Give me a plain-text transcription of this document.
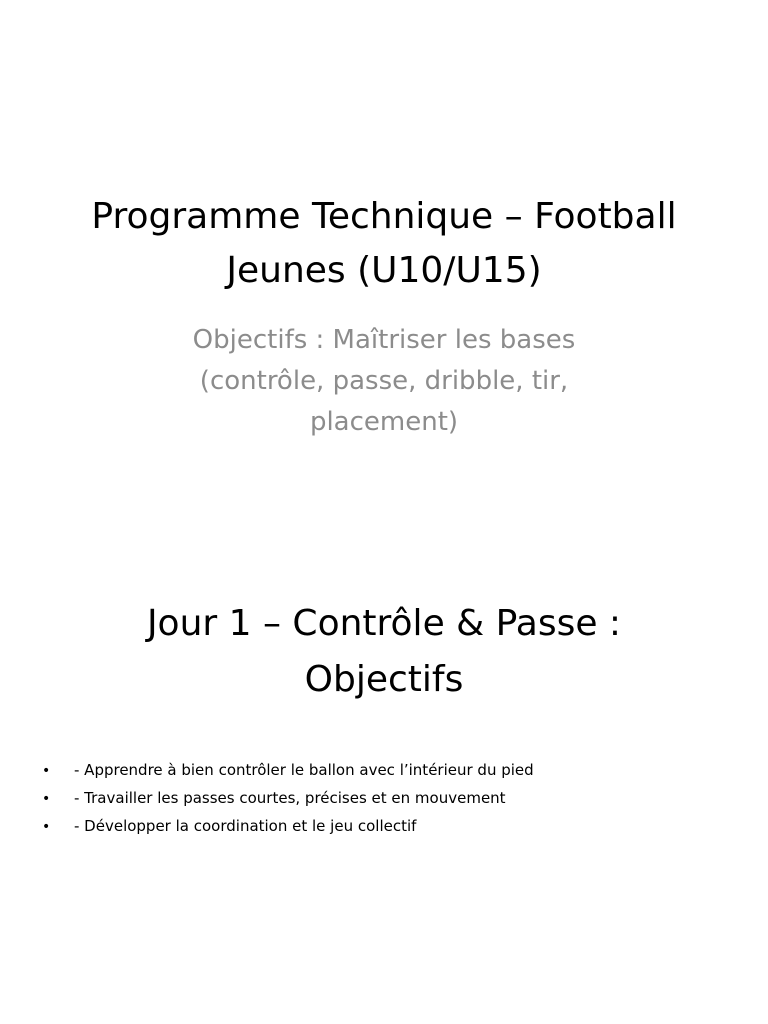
Programme Technique – Football
Jeunes (U10/U15)

Objectifs : Maîtriser les bases
(contrôle, passe, dribble, tir,
placement)

Jour 1 – Contrôle & Passe :
Objectifs
•	- Apprendre à bien contrôler le ballon avec l’intérieur du pied
•	- Travailler les passes courtes, précises et en mouvement
•	- Développer la coordination et le jeu collectif
